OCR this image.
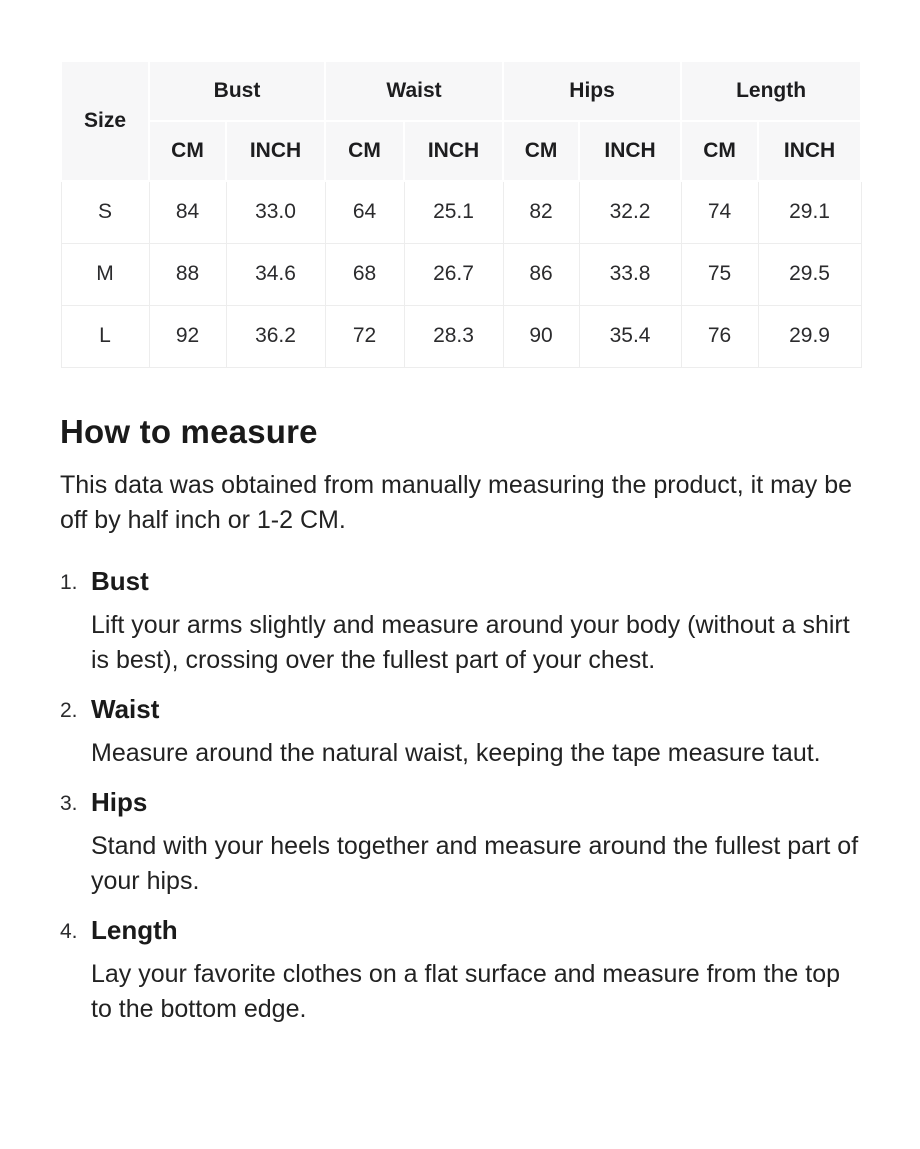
Size	Bust		Waist		Hips		Length	
	CM	INCH	CM	INCH	CM	INCH	CM	INCH
S	84	33.0	64	25.1	82	32.2	74	29.1
M	88	34.6	68	26.7	86	33.8	75	29.5
L	92	36.2	72	28.3	90	35.4	76	29.9
How to measure

This data was obtained from manually measuring the product, it may be off by half inch or 1-2 CM.

1. Bust
Lift your arms slightly and measure around your body (without a shirt is best), crossing over the fullest part of your chest.
2. Waist
Measure around the natural waist, keeping the tape measure taut.
3. Hips
Stand with your heels together and measure around the fullest part of your hips.
4. Length
Lay your favorite clothes on a flat surface and measure from the top to the bottom edge.
